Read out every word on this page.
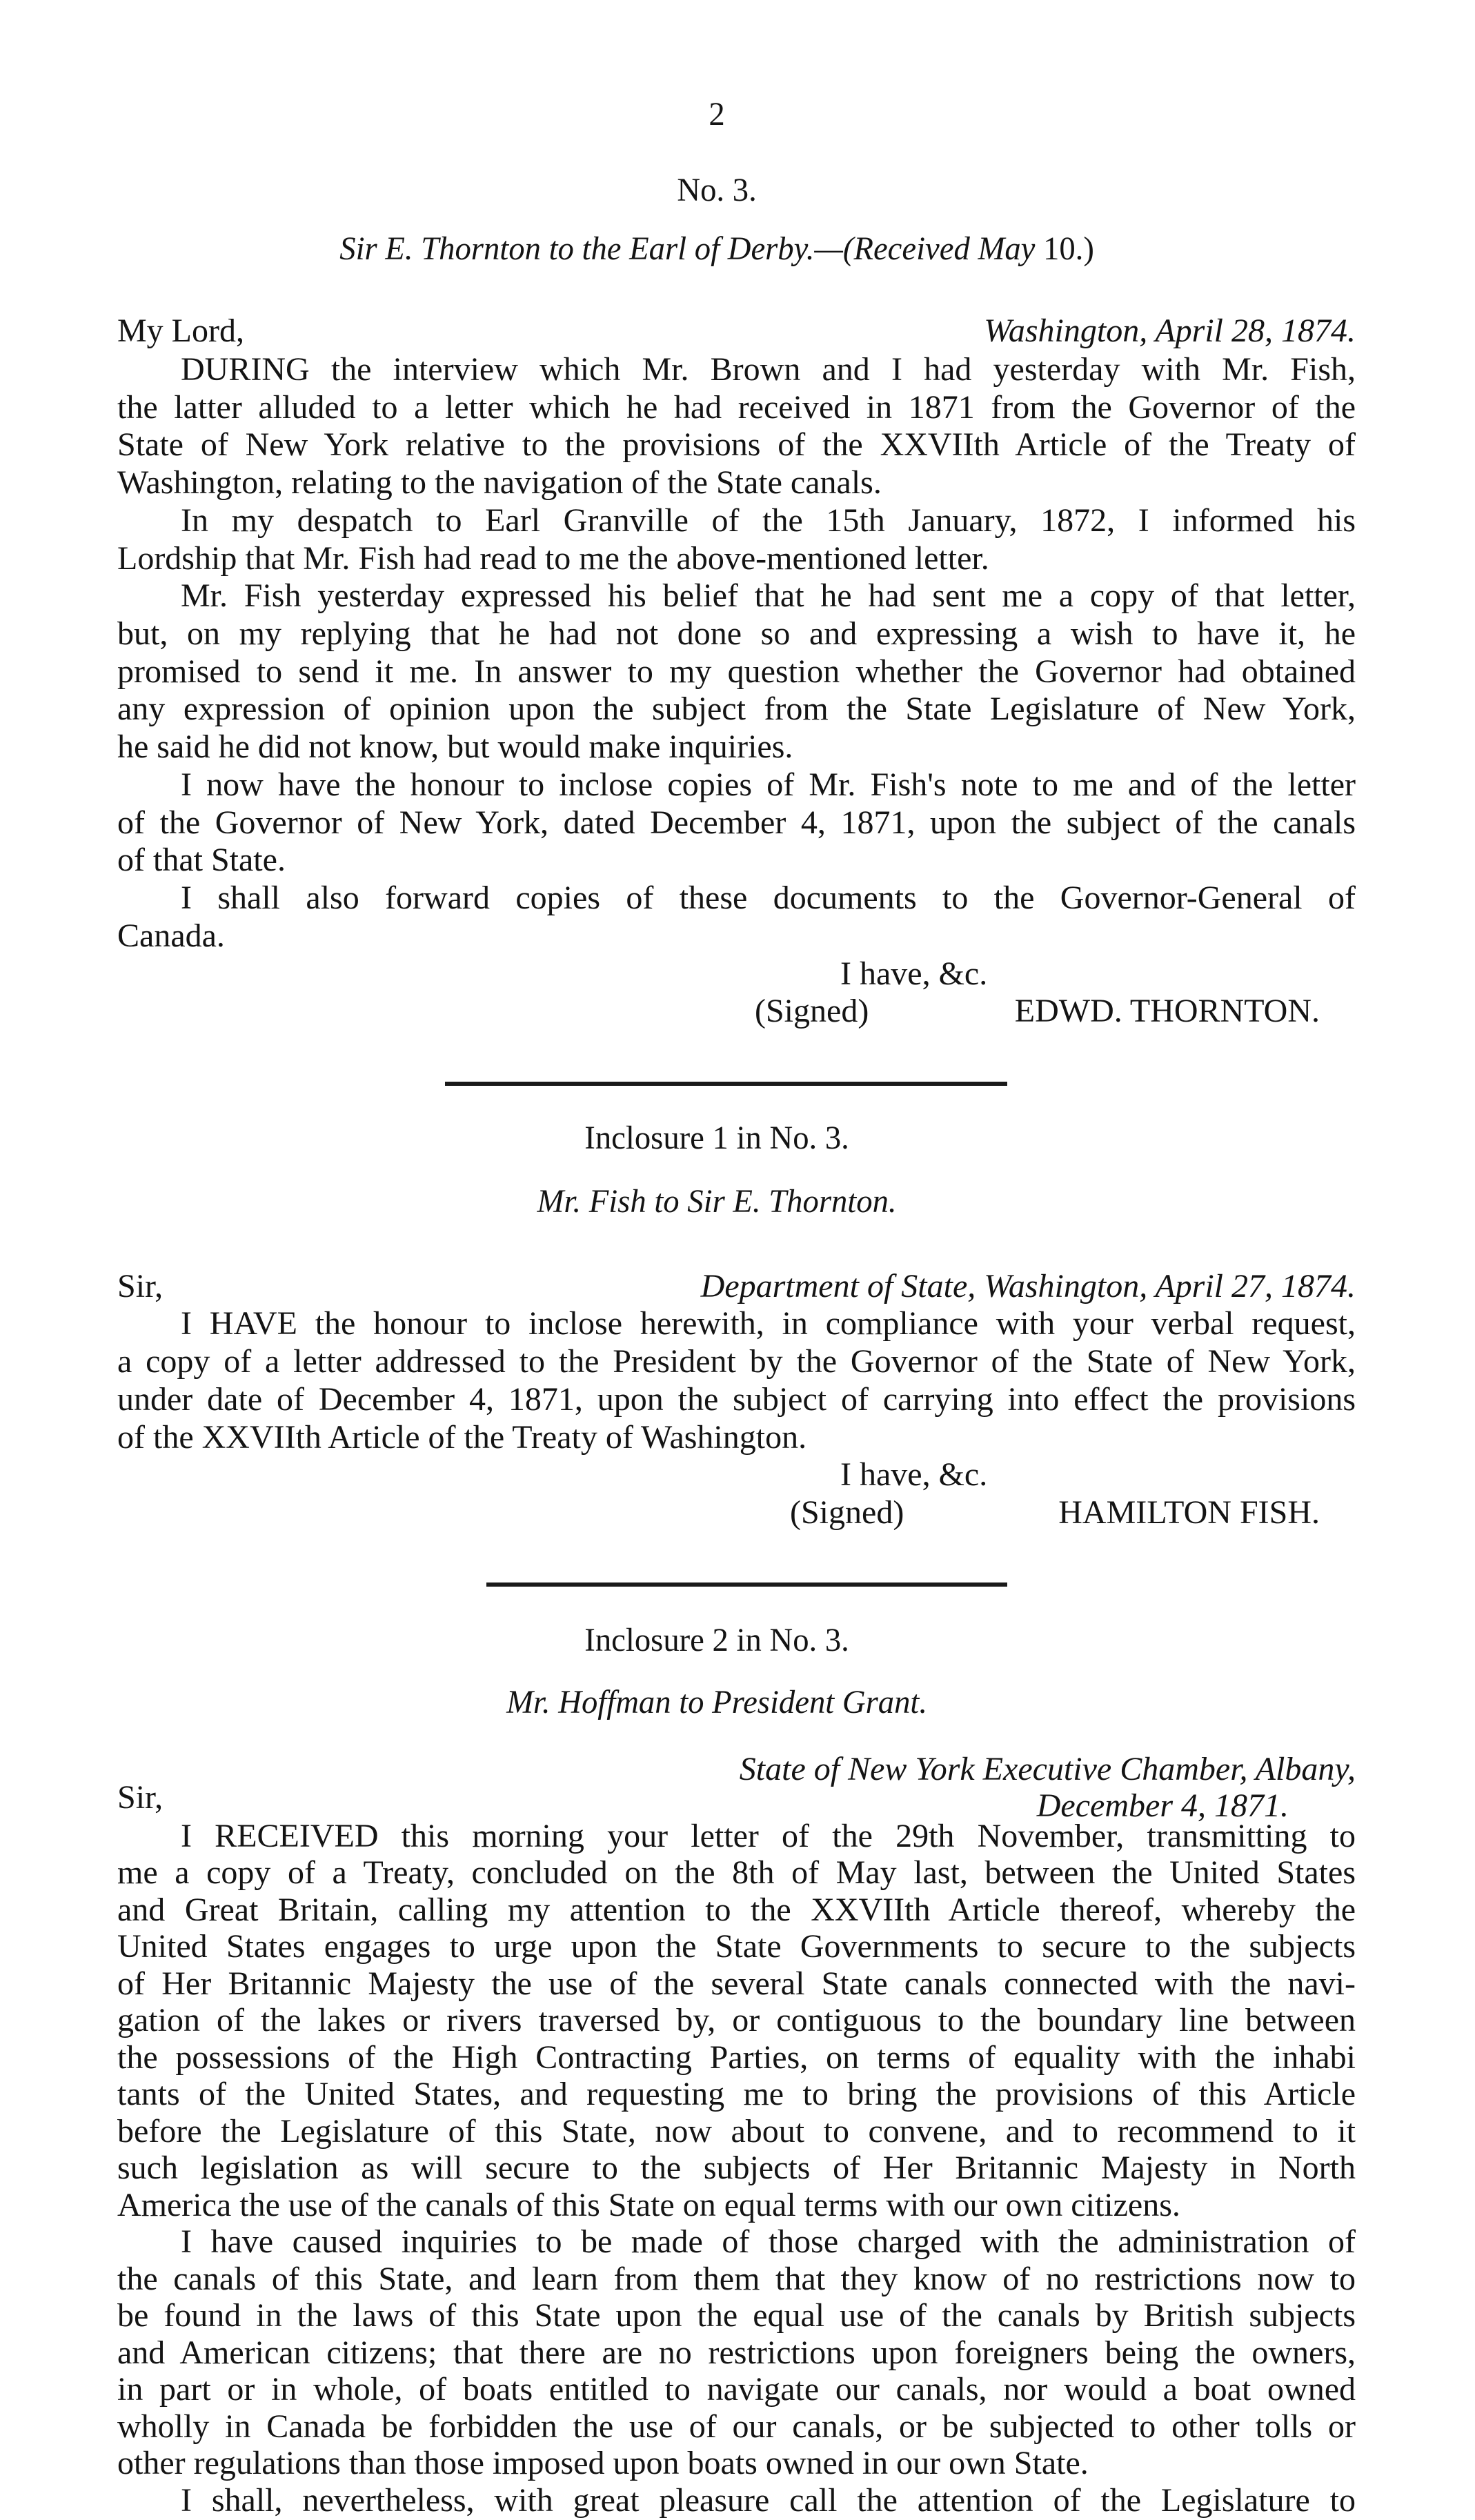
2
No. 3.
Sir E. Thornton to the Earl of Derby.—(Received May 10.)
My Lord,	Washington, April 28, 1874.
DURING the interview which Mr. Brown and I had yesterday with Mr. Fish,
the latter alluded to a letter which he had received in 1871 from the Governor of the
State of New York relative to the provisions of the XXVIIth Article of the Treaty of
Washington, relating to the navigation of the State canals.
In my despatch to Earl Granville of the 15th January, 1872, I informed his
Lordship that Mr. Fish had read to me the above-mentioned letter.
Mr. Fish yesterday expressed his belief that he had sent me a copy of that letter,
but, on my replying that he had not done so and expressing a wish to have it, he
promised to send it me. In answer to my question whether the Governor had obtained
any expression of opinion upon the subject from the State Legislature of New York,
he said he did not know, but would make inquiries.
I now have the honour to inclose copies of Mr. Fish's note to me and of the letter
of the Governor of New York, dated December 4, 1871, upon the subject of the canals
of that State.
I shall also forward copies of these documents to the Governor-General of
Canada.
I have, &c.
(Signed)	EDWD. THORNTON.
Inclosure 1 in No. 3.
Mr. Fish to Sir E. Thornton.
Sir,	Department of State, Washington, April 27, 1874.
I HAVE the honour to inclose herewith, in compliance with your verbal request,
a copy of a letter addressed to the President by the Governor of the State of New York,
under date of December 4, 1871, upon the subject of carrying into effect the provisions
of the XXVIIth Article of the Treaty of Washington.
I have, &c.
(Signed)	HAMILTON FISH.
Inclosure 2 in No. 3.
Mr. Hoffman to President Grant.
State of New York Executive Chamber, Albany,
Sir,	December 4, 1871.
I RECEIVED this morning your letter of the 29th November, transmitting to
me a copy of a Treaty, concluded on the 8th of May last, between the United States
and Great Britain, calling my attention to the XXVIIth Article thereof, whereby the
United States engages to urge upon the State Governments to secure to the subjects
of Her Britannic Majesty the use of the several State canals connected with the navi-
gation of the lakes or rivers traversed by, or contiguous to the boundary line between
the possessions of the High Contracting Parties, on terms of equality with the inhabi
tants of the United States, and requesting me to bring the provisions of this Article
before the Legislature of this State, now about to convene, and to recommend to it
such legislation as will secure to the subjects of Her Britannic Majesty in North
America the use of the canals of this State on equal terms with our own citizens.
I have caused inquiries to be made of those charged with the administration of
the canals of this State, and learn from them that they know of no restrictions now to
be found in the laws of this State upon the equal use of the canals by British subjects
and American citizens; that there are no restrictions upon foreigners being the owners,
in part or in whole, of boats entitled to navigate our canals, nor would a boat owned
wholly in Canada be forbidden the use of our canals, or be subjected to other tolls or
other regulations than those imposed upon boats owned in our own State.
I shall, nevertheless, with great pleasure call the attention of the Legislature to
